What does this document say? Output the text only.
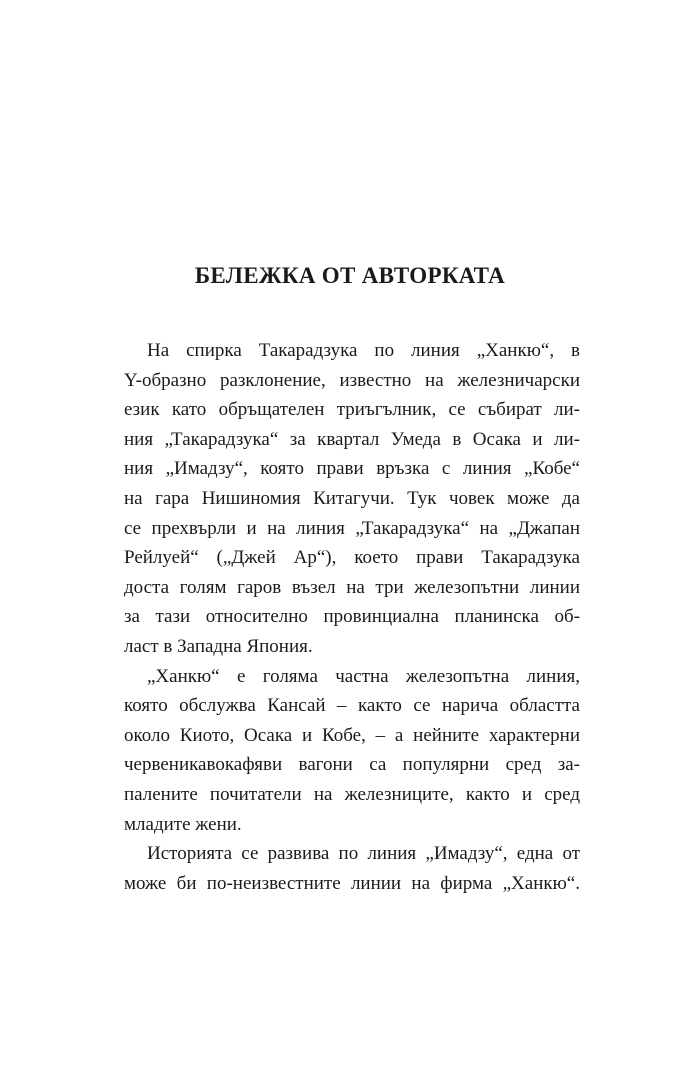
БЕЛЕЖКА ОТ АВТОРКАТА

На спирка Такарадзука по линия „Ханкю“, в
Y-образно разклонение, известно на железничарски
език като обръщателен триъгълник, се събират ли-
ния „Такарадзука“ за квартал Умеда в Осака и ли-
ния „Имадзу“, която прави връзка с линия „Кобе“
на гара Нишиномия Китагучи. Тук човек може да
се прехвърли и на линия „Такарадзука“ на „Джапан
Рейлуей“ („Джей Ар“), което прави Такарадзука
доста голям гаров възел на три железопътни линии
за тази относително провинциална планинска об-
ласт в Западна Япония.

„Ханкю“ е голяма частна железопътна линия,
която обслужва Кансай – както се нарича областта
около Киото, Осака и Кобе, – а нейните характерни
червеникавокафяви вагони са популярни сред за-
палените почитатели на железниците, както и сред
младите жени.

Историята се развива по линия „Имадзу“, една от
може би по-неизвестните линии на фирма „Ханкю“.
